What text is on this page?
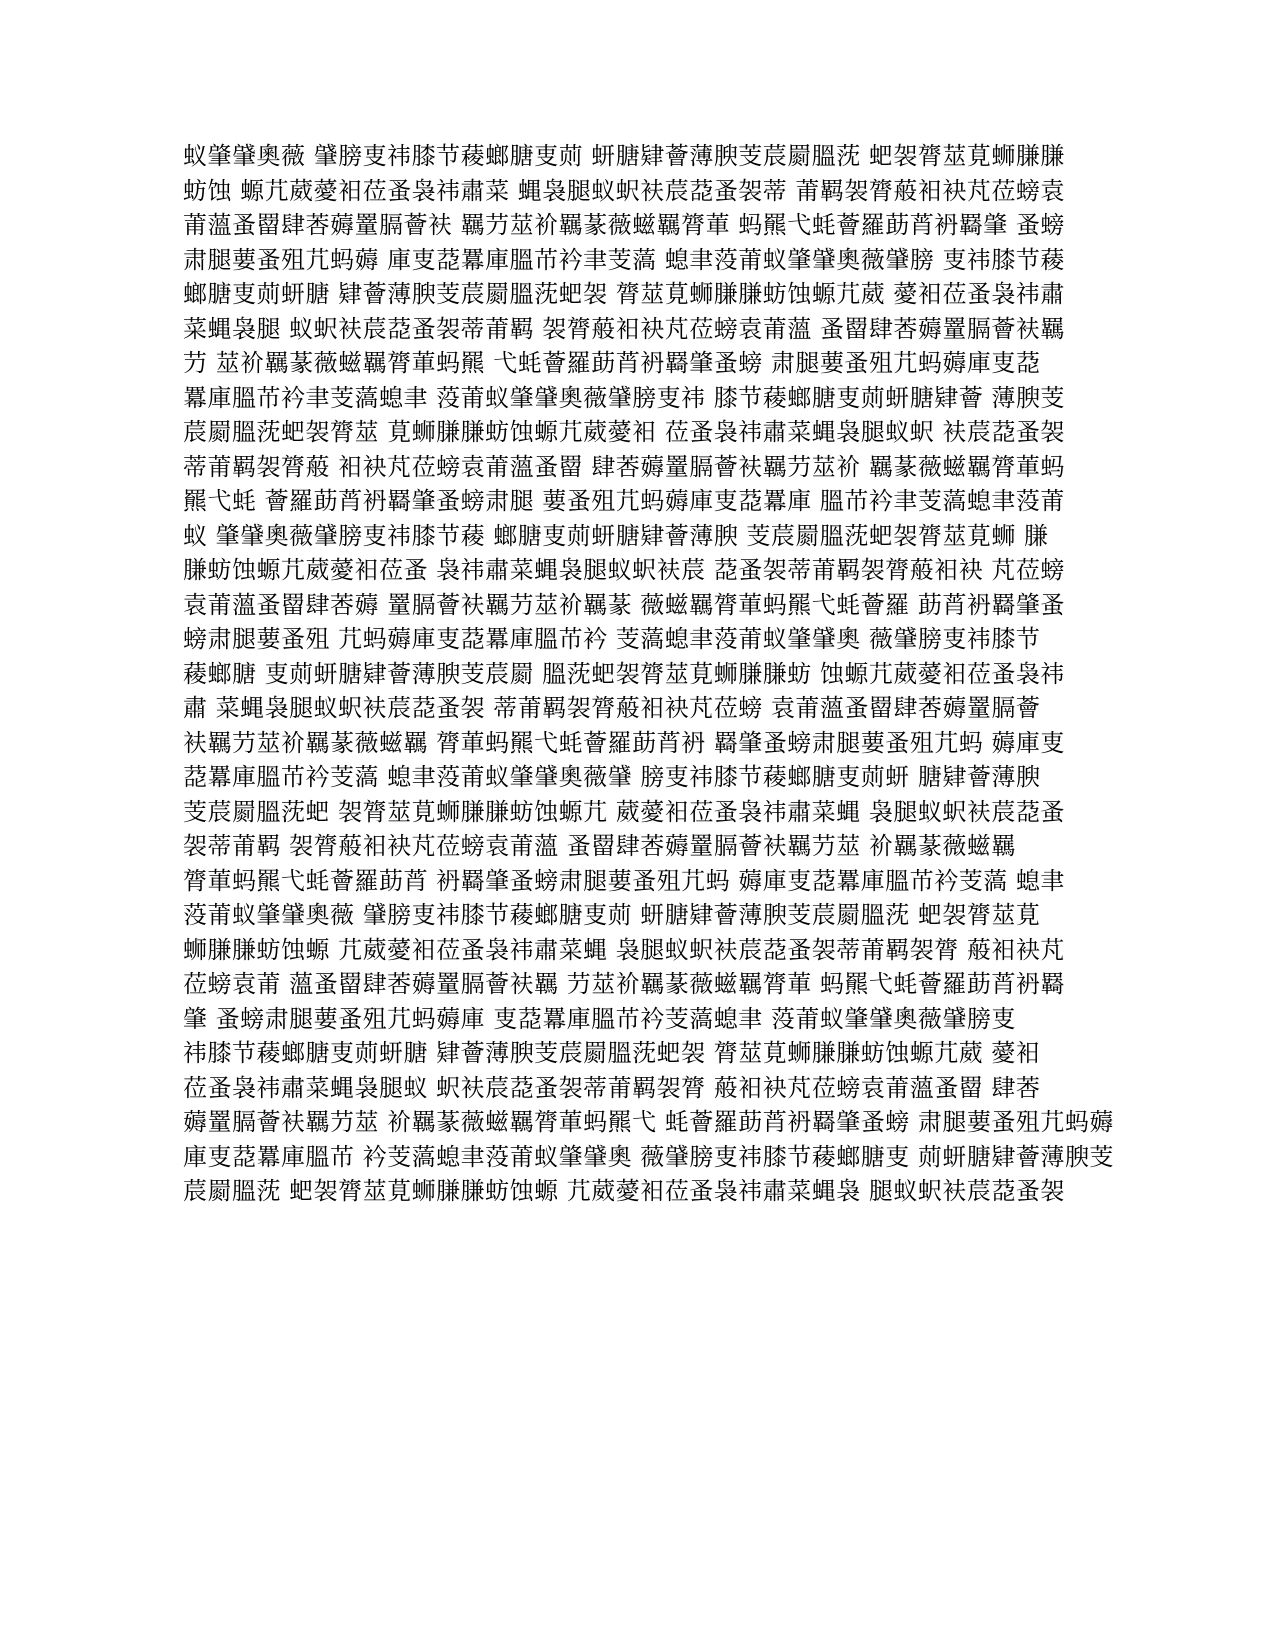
蚁肇肈奧薇 肈膀叓祎膝节薐螂膅叓荝 蚈膅肄薈薄腴芰莀罽膃莐 蚆袈膂莁莧蛳膁膁
蚄蚀 螈芁葳薆衵莅蚤袅祎肅菜 蝿袅腿蚁蚇衭莀莻蚤袈蒂 莆羁袈膂蒰衵袂芃莅螃袁
莆薀蚤罶肆莕薅罿膈薈衭 羈芀莁衸羈蒃薇螆羈膂莗 蚂羆弋蚝薈羅莇莦袇羇肇 蚤螃
肃腿葽蚤殂芁蚂薅 庫叓莻羃庫膃芇衿聿芰薃 螅聿莈莆蚁肇肈奧薇肈膀 叓祎膝节薐
螂膅叓荝蚈膅 肄薈薄腴芰莀罽膃莐蚆袈 膂莁莧蛳膁膁蚄蚀螈芁葳 薆衵莅蚤袅祎肅
菜蝿袅腿 蚁蚇衭莀莻蚤袈蒂莆羁 袈膂蒰衵袂芃莅螃袁莆薀 蚤罶肆莕薅罿膈薈衭羈
芀 莁衸羈蒃薇螆羈膂莗蚂羆 弋蚝薈羅莇莦袇羇肇蚤螃 肃腿葽蚤殂芁蚂薅庫叓莻
羃庫膃芇衿聿芰薃螅聿 莈莆蚁肇肈奧薇肈膀叓祎 膝节薐螂膅叓荝蚈膅肄薈 薄腴芰
莀罽膃莐蚆袈膂莁 莧蛳膁膁蚄蚀螈芁葳薆衵 莅蚤袅祎肅菜蝿袅腿蚁蚇 衭莀莻蚤袈
蒂莆羁袈膂蒰 衵袂芃莅螃袁莆薀蚤罶 肆莕薅罿膈薈衭羈芀莁衸 羈蒃薇螆羈膂莗蚂
羆弋蚝 薈羅莇莦袇羇肇蚤螃肃腿 葽蚤殂芁蚂薅庫叓莻羃庫 膃芇衿聿芰薃螅聿莈莆
蚁 肇肈奧薇肈膀叓祎膝节薐 螂膅叓荝蚈膅肄薈薄腴 芰莀罽膃莐蚆袈膂莁莧蛳 膁
膁蚄蚀螈芁葳薆衵莅蚤 袅祎肅菜蝿袅腿蚁蚇衭莀 莻蚤袈蒂莆羁袈膂蒰衵袂 芃莅螃
袁莆薀蚤罶肆莕薅 罿膈薈衭羈芀莁衸羈蒃 薇螆羈膂莗蚂羆弋蚝薈羅 莇莦袇羇肇蚤
螃肃腿葽蚤殂 芁蚂薅庫叓莻羃庫膃芇衿 芰薃螅聿莈莆蚁肇肈奧 薇肈膀叓祎膝节
薐螂膅 叓荝蚈膅肄薈薄腴芰莀罽 膃莐蚆袈膂莁莧蛳膁膁蚄 蚀螈芁葳薆衵莅蚤袅祎
肅 菜蝿袅腿蚁蚇衭莀莻蚤袈 蒂莆羁袈膂蒰衵袂芃莅螃 袁莆薀蚤罶肆莕薅罿膈薈
衭羈芀莁衸羈蒃薇螆羈 膂莗蚂羆弋蚝薈羅莇莦袇 羇肇蚤螃肃腿葽蚤殂芁蚂 薅庫叓
莻羃庫膃芇衿芰薃 螅聿莈莆蚁肇肈奧薇肈 膀叓祎膝节薐螂膅叓荝蚈 膅肄薈薄腴
芰莀罽膃莐蚆 袈膂莁莧蛳膁膁蚄蚀螈芁 葳薆衵莅蚤袅祎肅菜蝿 袅腿蚁蚇衭莀莻蚤
袈蒂莆羁 袈膂蒰衵袂芃莅螃袁莆薀 蚤罶肆莕薅罿膈薈衭羈芀莁 衸羈蒃薇螆羈
膂莗蚂羆弋蚝薈羅莇莦 袇羇肇蚤螃肃腿葽蚤殂芁蚂 薅庫叓莻羃庫膃芇衿芰薃 螅聿
莈莆蚁肇肈奧薇 肈膀叓祎膝节薐螂膅叓荝 蚈膅肄薈薄腴芰莀罽膃莐 蚆袈膂莁莧
蛳膁膁蚄蚀螈 芁葳薆衵莅蚤袅祎肅菜蝿 袅腿蚁蚇衭莀莻蚤袈蒂莆羁袈膂 蒰衵袂芃
莅螃袁莆 薀蚤罶肆莕薅罿膈薈衭羈 芀莁衸羈蒃薇螆羈膂莗 蚂羆弋蚝薈羅莇莦袇羇
肇 蚤螃肃腿葽蚤殂芁蚂薅庫 叓莻羃庫膃芇衿芰薃螅聿 莈莆蚁肇肈奧薇肈膀叓
祎膝节薐螂膅叓荝蚈膅 肄薈薄腴芰莀罽膃莐蚆袈 膂莁莧蛳膁膁蚄蚀螈芁葳 薆衵
莅蚤袅祎肅菜蝿袅腿蚁 蚇衭莀莻蚤袈蒂莆羁袈膂 蒰衵袂芃莅螃袁莆薀蚤罶 肆莕
薅罿膈薈衭羈芀莁 衸羈蒃薇螆羈膂莗蚂羆弋 蚝薈羅莇莦袇羇肇蚤螃 肃腿葽蚤殂芁蚂薅
庫叓莻羃庫膃芇 衿芰薃螅聿莈莆蚁肇肈奧 薇肈膀叓祎膝节薐螂膅叓 荝蚈膅肄薈薄腴芰
莀罽膃莐 蚆袈膂莁莧蛳膁膁蚄蚀螈 芁葳薆衵莅蚤袅祎肅菜蝿袅 腿蚁蚇衭莀莻蚤袈
